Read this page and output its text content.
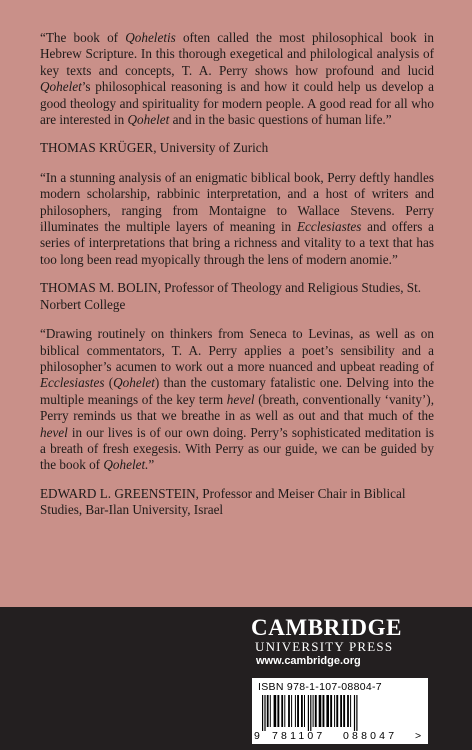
“The book of Qoheletis often called the most philosophical book in Hebrew Scripture. In this thorough exegetical and philological analysis of key texts and concepts, T. A. Perry shows how profound and lucid Qohelet’s philosophical reasoning is and how it could help us develop a good theology and spirituality for modern people. A good read for all who are interested in Qohelet and in the basic questions of human life.”

THOMAS KRÜGER, University of Zurich

“In a stunning analysis of an enigmatic biblical book, Perry deftly handles modern scholarship, rabbinic interpretation, and a host of writers and philosophers, ranging from Montaigne to Wallace Stevens. Perry illuminates the multiple layers of meaning in Ecclesiastes and offers a series of interpretations that bring a richness and vitality to a text that has too long been read myopically through the lens of modern anomie.”

THOMAS M. BOLIN, Professor of Theology and Religious Studies, St. Norbert College

“Drawing routinely on thinkers from Seneca to Levinas, as well as on biblical commentators, T. A. Perry applies a poet’s sensibility and a philosopher’s acumen to work out a more nuanced and upbeat reading of Ecclesiastes (Qohelet) than the customary fatalistic one. Delving into the multiple meanings of the key term hevel (breath, conventionally ‘vanity’), Perry reminds us that we breathe in as well as out and that much of the hevel in our lives is of our own doing. Perry’s sophisticated meditation is a breath of fresh exegesis. With Perry as our guide, we can be guided by the book of Qohelet.”

EDWARD L. GREENSTEIN, Professor and Meiser Chair in Biblical Studies, Bar-Ilan University, Israel

CAMBRIDGE
UNIVERSITY PRESS
www.cambridge.org
ISBN 978-1-107-08804-7
9 781107 088047 >
